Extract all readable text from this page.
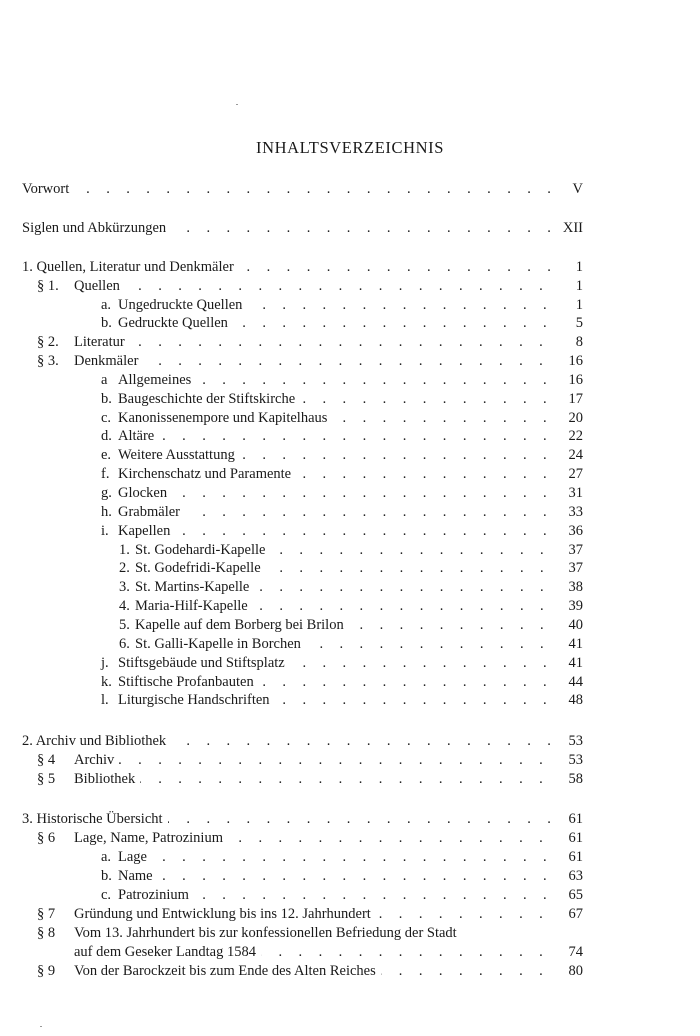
INHALTSVERZEICHNIS
Vorwort . . .	V
Siglen und Abkürzungen . . .	XII
1. Quellen, Literatur und Denkmäler . . .	1
§ 1. Quellen . . .	1
a. Ungedruckte Quellen . . .	1
b. Gedruckte Quellen . . .	5
§ 2. Literatur . . .	8
§ 3. Denkmäler . . .	16
a Allgemeines . . .	16
b. Baugeschichte der Stiftskirche . . .	17
c. Kanonissenempore und Kapitelhaus . . .	20
d. Altäre . . .	22
e. Weitere Ausstattung . . .	24
f. Kirchenschatz und Paramente . . .	27
g. Glocken . . .	31
h. Grabmäler . . .	33
i. Kapellen . . .	36
1. St. Godehardi-Kapelle . . .	37
2. St. Godefridi-Kapelle . . .	37
3. St. Martins-Kapelle . . .	38
4. Maria-Hilf-Kapelle . . .	39
5. Kapelle auf dem Borberg bei Brilon . . .	40
6. St. Galli-Kapelle in Borchen . . .	41
j. Stiftsgebäude und Stiftsplatz . . .	41
k. Stiftische Profanbauten . . .	44
l. Liturgische Handschriften . . .	48
2. Archiv und Bibliothek . . .	53
§ 4 Archiv . . .	53
§ 5 Bibliothek . . .	58
3. Historische Übersicht . . .	61
§ 6 Lage, Name, Patrozinium . . .	61
a. Lage . . .	61
b. Name . . .	63
c. Patrozinium . . .	65
§ 7 Gründung und Entwicklung bis ins 12. Jahrhundert . . .	67
§ 8 Vom 13. Jahrhundert bis zur konfessionellen Befriedung der Stadt
auf dem Geseker Landtag 1584 . . .	74
§ 9 Von der Barockzeit bis zum Ende des Alten Reiches . . .	80
